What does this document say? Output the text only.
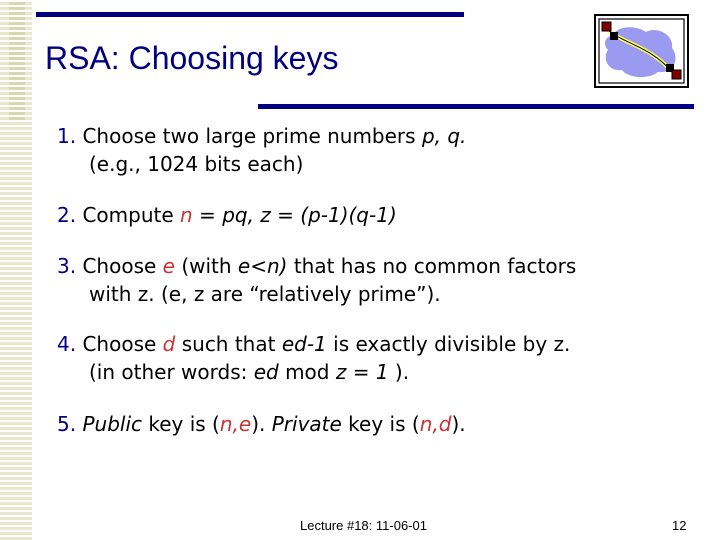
RSA: Choosing keys

1. Choose two large prime numbers p, q.
(e.g., 1024 bits each)

2. Compute n = pq, z = (p-1)(q-1)

3. Choose e (with e<n) that has no common factors
with z. (e, z are “relatively prime”).

4. Choose d such that ed-1 is exactly divisible by z.
(in other words: ed mod z = 1 ).

5. Public key is (n,e). Private key is (n,d).

Lecture #18: 11-06-01	12
